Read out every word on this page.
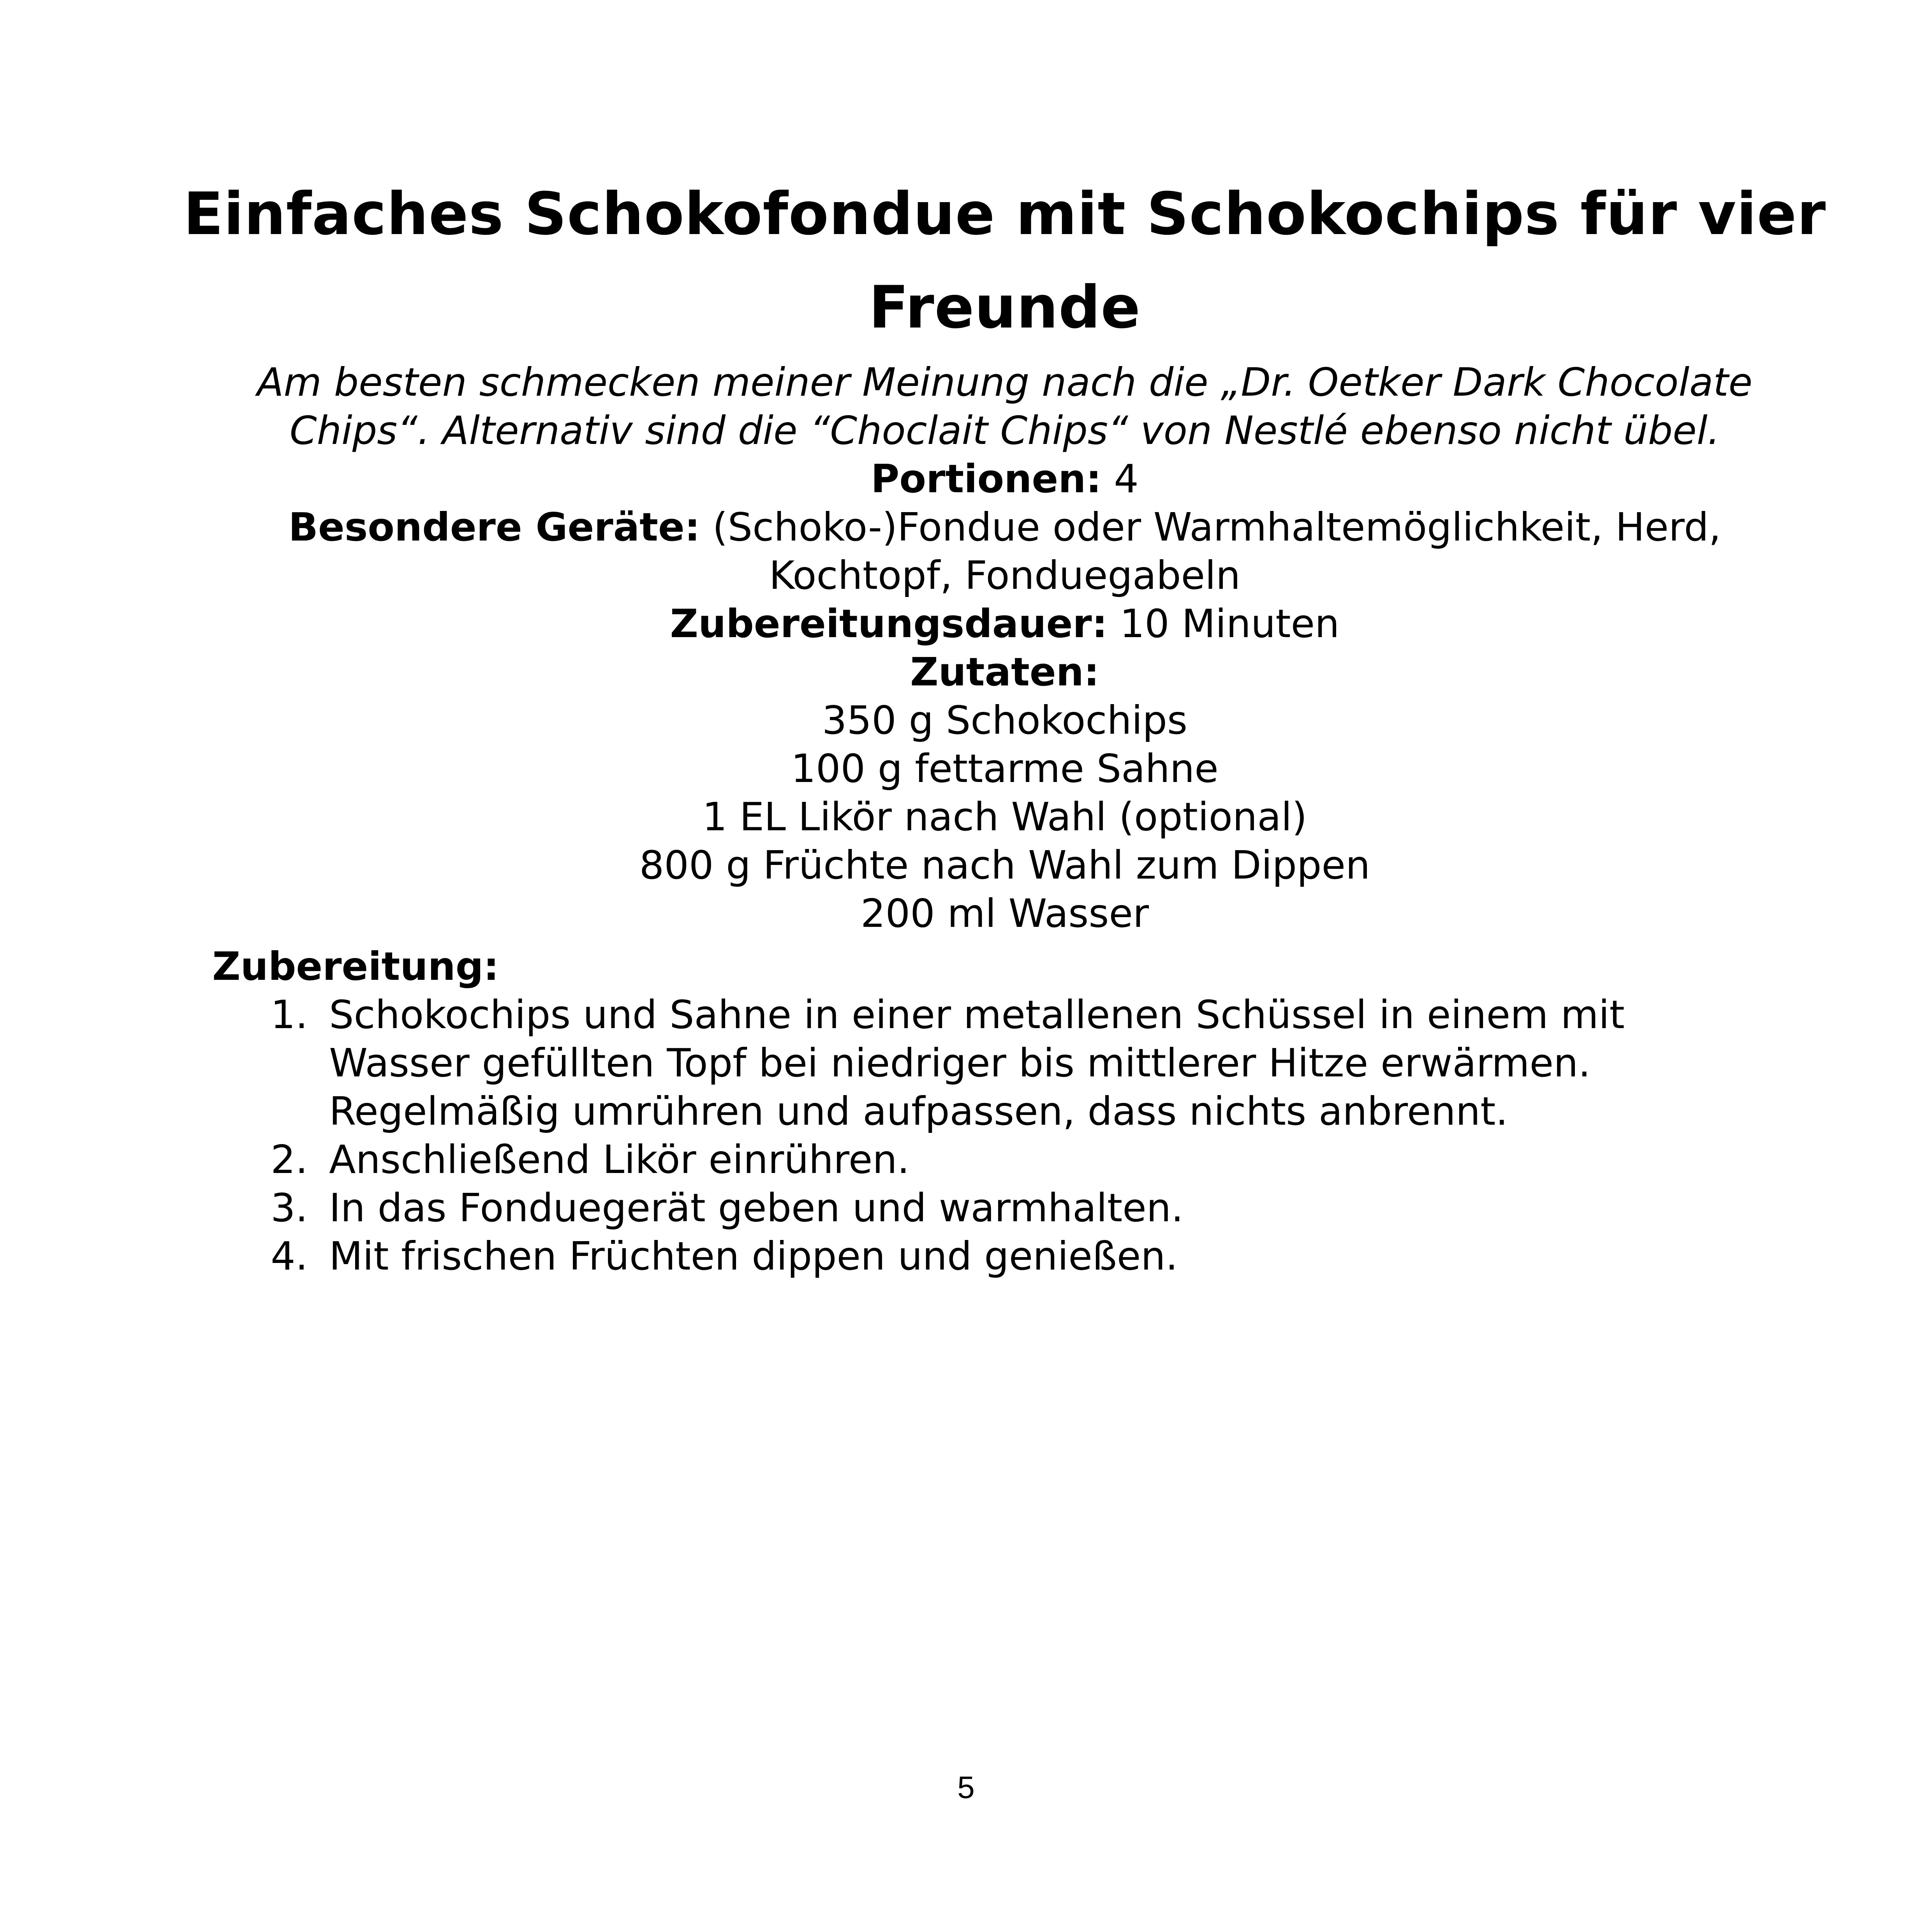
Einfaches Schokofondue mit Schokochips für vier Freunde
Am besten schmecken meiner Meinung nach die „Dr. Oetker Dark Chocolate Chips“. Alternativ sind die “Choclait Chips“ von Nestlé ebenso nicht übel.
Portionen: 4
Besondere Geräte: (Schoko-)Fondue oder Warmhaltemöglichkeit, Herd, Kochtopf, Fonduegabeln
Zubereitungsdauer: 10 Minuten
Zutaten:
350 g Schokochips
100 g fettarme Sahne
1 EL Likör nach Wahl (optional)
800 g Früchte nach Wahl zum Dippen
200 ml Wasser
Zubereitung:
1. Schokochips und Sahne in einer metallenen Schüssel in einem mit Wasser gefüllten Topf bei niedriger bis mittlerer Hitze erwärmen. Regelmäßig umrühren und aufpassen, dass nichts anbrennt.
2. Anschließend Likör einrühren.
3. In das Fonduegerät geben und warmhalten.
4. Mit frischen Früchten dippen und genießen.
5
